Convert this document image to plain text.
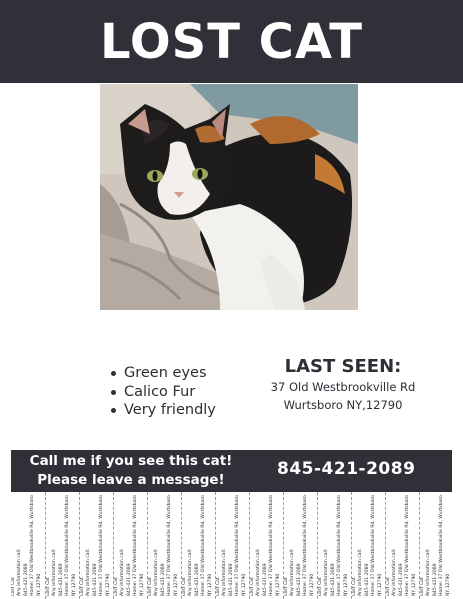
LOST CAT
Green eyes
Calico Fur
Very friendly
LAST SEEN:
37 Old Westbrookville Rd
Wurtsboro NY,12790
Call me if you see this cat!
Please leave a message!
845-421-2089
Lost Cat Any information call: 845-421-2089 Home: 37 Old Westbrookville Rd, Wurtsboro NY,12790 Lost Cat Any information call: 845-421-2089 Home: 37 Old Westbrookville Rd, Wurtsboro NY,12790 Lost Cat Any information call: 845-421-2089 Home: 37 Old Westbrookville Rd, Wurtsboro NY,12790 Lost Cat Any information call: 845-421-2089 Home: 37 Old Westbrookville Rd, Wurtsboro NY,12790 Lost Cat Any information call: 845-421-2089 Home: 37 Old Westbrookville Rd, Wurtsboro NY,12790 Lost Cat Any information call: 845-421-2089 Home: 37 Old Westbrookville Rd, Wurtsboro NY,12790 Lost Cat Any information call: 845-421-2089 Home: 37 Old Westbrookville Rd, Wurtsboro NY,12790 Lost Cat Any information call: 845-421-2089 Home: 37 Old Westbrookville Rd, Wurtsboro NY,12790 Lost Cat Any information call: 845-421-2089 Home: 37 Old Westbrookville Rd, Wurtsboro NY,12790 Lost Cat Any information call: 845-421-2089 Home: 37 Old Westbrookville Rd, Wurtsboro NY,12790 Lost Cat Any information call: 845-421-2089 Home: 37 Old Westbrookville Rd, Wurtsboro NY,12790 Lost Cat Any information call: 845-421-2089 Home: 37 Old Westbrookville Rd, Wurtsboro NY,12790 Lost Cat Any information call: 845-421-2089 Home: 37 Old Westbrookville Rd, Wurtsboro NY,12790
